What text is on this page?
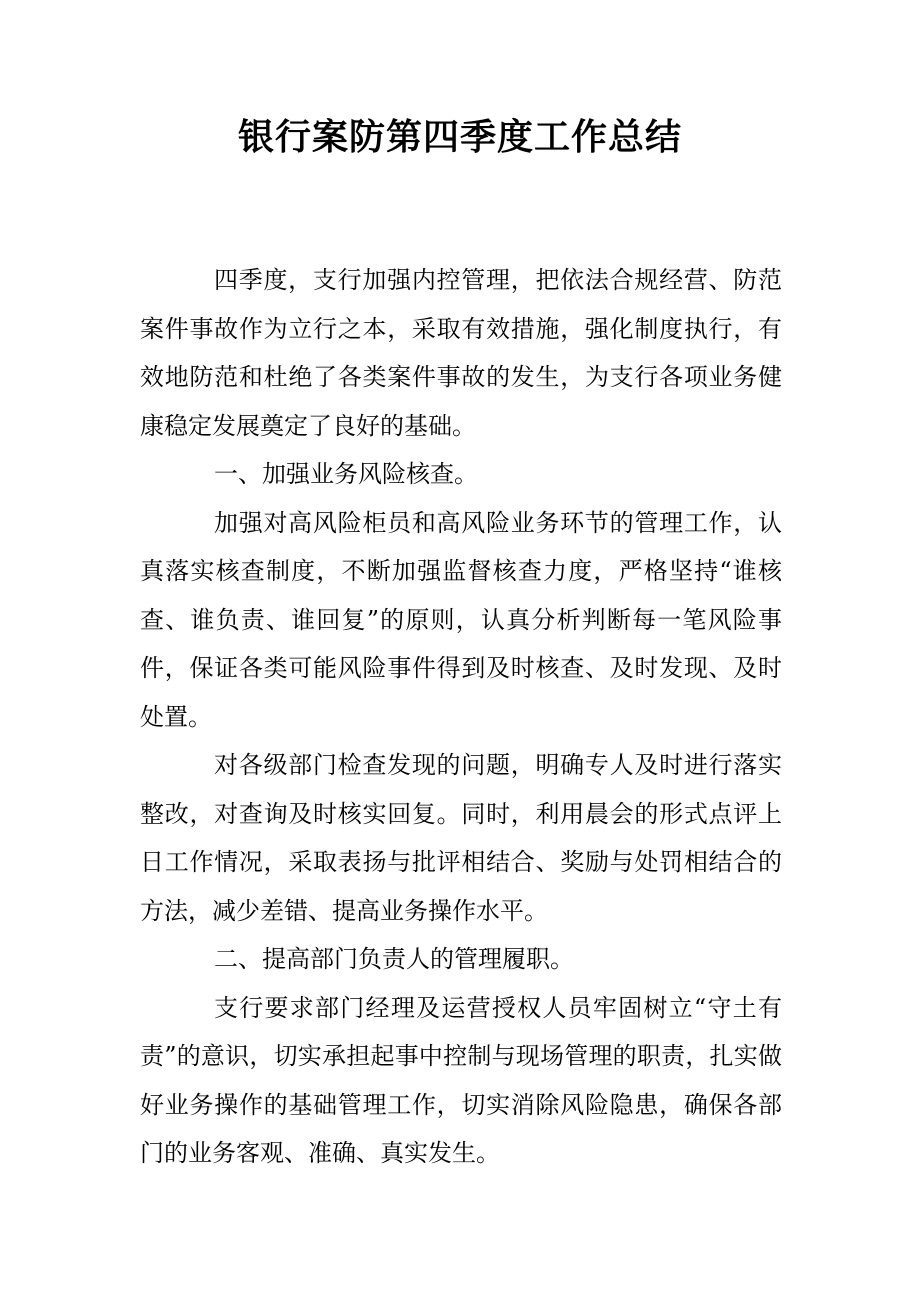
银行案防第四季度工作总结

四季度，支行加强内控管理，把依法合规经营、防范案件事故作为立行之本，采取有效措施，强化制度执行，有效地防范和杜绝了各类案件事故的发生，为支行各项业务健康稳定发展奠定了良好的基础。

一、加强业务风险核查。

加强对高风险柜员和高风险业务环节的管理工作，认真落实核查制度，不断加强监督核查力度，严格坚持“谁核查、谁负责、谁回复”的原则，认真分析判断每一笔风险事件，保证各类可能风险事件得到及时核查、及时发现、及时处置。

对各级部门检查发现的问题，明确专人及时进行落实整改，对查询及时核实回复。同时，利用晨会的形式点评上日工作情况，采取表扬与批评相结合、奖励与处罚相结合的方法，减少差错、提高业务操作水平。

二、提高部门负责人的管理履职。

支行要求部门经理及运营授权人员牢固树立“守土有责”的意识，切实承担起事中控制与现场管理的职责，扎实做好业务操作的基础管理工作，切实消除风险隐患，确保各部门的业务客观、准确、真实发生。
